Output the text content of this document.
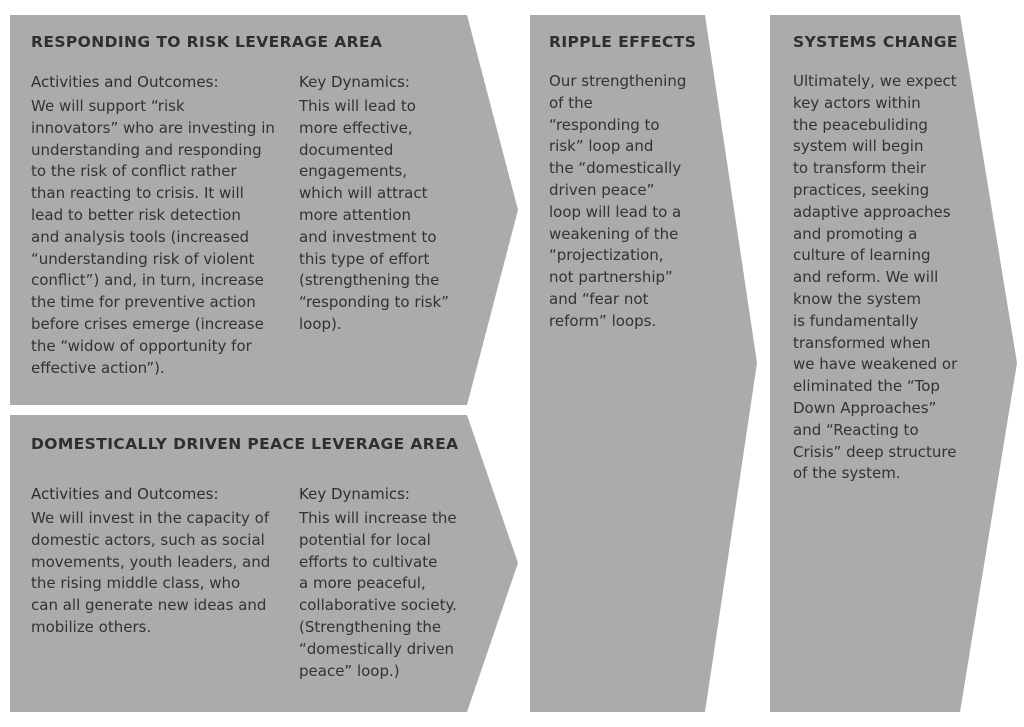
RESPONDING TO RISK LEVERAGE AREA
Activities and Outcomes:
We will support “risk
innovators” who are investing in
understanding and responding
to the risk of conflict rather
than reacting to crisis. It will
lead to better risk detection
and analysis tools (increased
“understanding risk of violent
conflict”) and, in turn, increase
the time for preventive action
before crises emerge (increase
the “widow of opportunity for
effective action”).
Key Dynamics:
This will lead to
more effective,
documented
engagements,
which will attract
more attention
and investment to
this type of effort
(strengthening the
“responding to risk”
loop).
DOMESTICALLY DRIVEN PEACE LEVERAGE AREA
Activities and Outcomes:
We will invest in the capacity of
domestic actors, such as social
movements, youth leaders, and
the rising middle class, who
can all generate new ideas and
mobilize others.
Key Dynamics:
This will increase the
potential for local
efforts to cultivate
a more peaceful,
collaborative society.
(Strengthening the
“domestically driven
peace” loop.)
RIPPLE EFFECTS
Our strengthening
of the
“responding to
risk” loop and
the “domestically
driven peace”
loop will lead to a
weakening of the
“projectization,
not partnership”
and “fear not
reform” loops.
SYSTEMS CHANGE
Ultimately, we expect
key actors within
the peacebuliding
system will begin
to transform their
practices, seeking
adaptive approaches
and promoting a
culture of learning
and reform. We will
know the system
is fundamentally
transformed when
we have weakened or
eliminated the “Top
Down Approaches”
and “Reacting to
Crisis” deep structure
of the system.
